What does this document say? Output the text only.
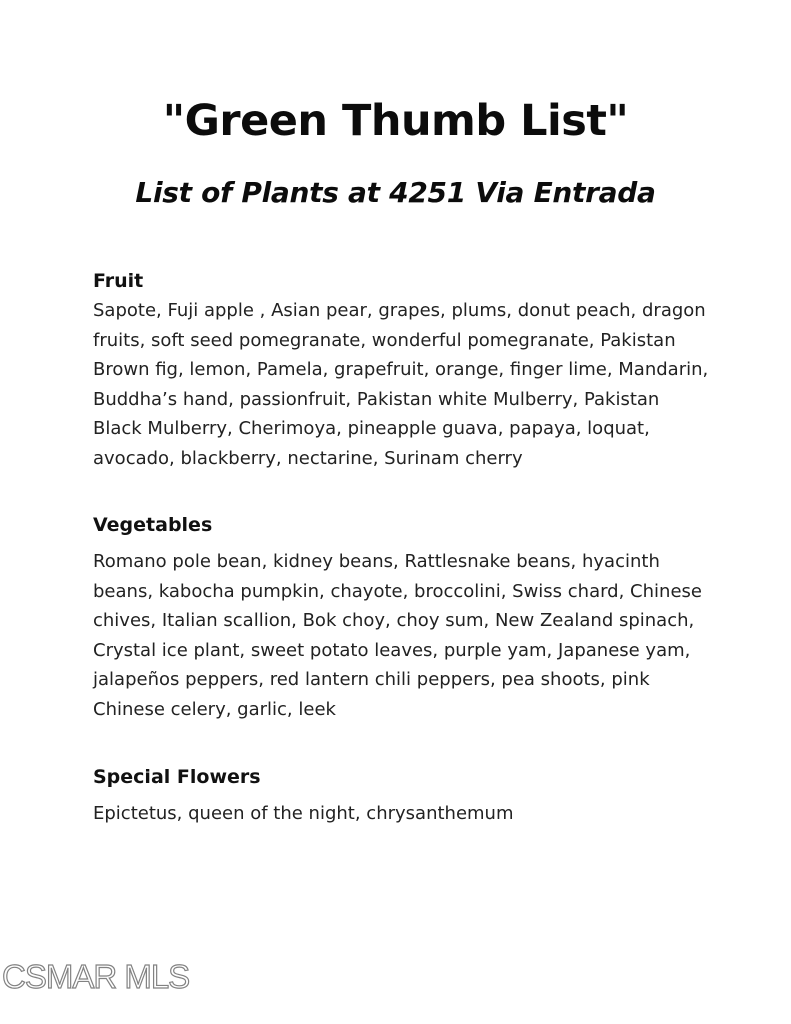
"Green Thumb List"
List of Plants at 4251 Via Entrada
Fruit

Sapote, Fuji apple , Asian pear, grapes, plums, donut peach, dragon fruits, soft seed pomegranate, wonderful pomegranate, Pakistan Brown fig, lemon, Pamela, grapefruit, orange, finger lime, Mandarin, Buddha’s hand, passionfruit, Pakistan white Mulberry, Pakistan Black Mulberry, Cherimoya, pineapple guava, papaya, loquat, avocado, blackberry, nectarine, Surinam cherry

Vegetables

Romano pole bean, kidney beans, Rattlesnake beans, hyacinth beans, kabocha pumpkin, chayote, broccolini, Swiss chard, Chinese chives, Italian scallion, Bok choy, choy sum, New Zealand spinach, Crystal ice plant, sweet potato leaves, purple yam, Japanese yam, jalapeños peppers, red lantern chili peppers, pea shoots, pink Chinese celery, garlic, leek

Special Flowers

Epictetus, queen of the night, chrysanthemum

CSMAR MLS
